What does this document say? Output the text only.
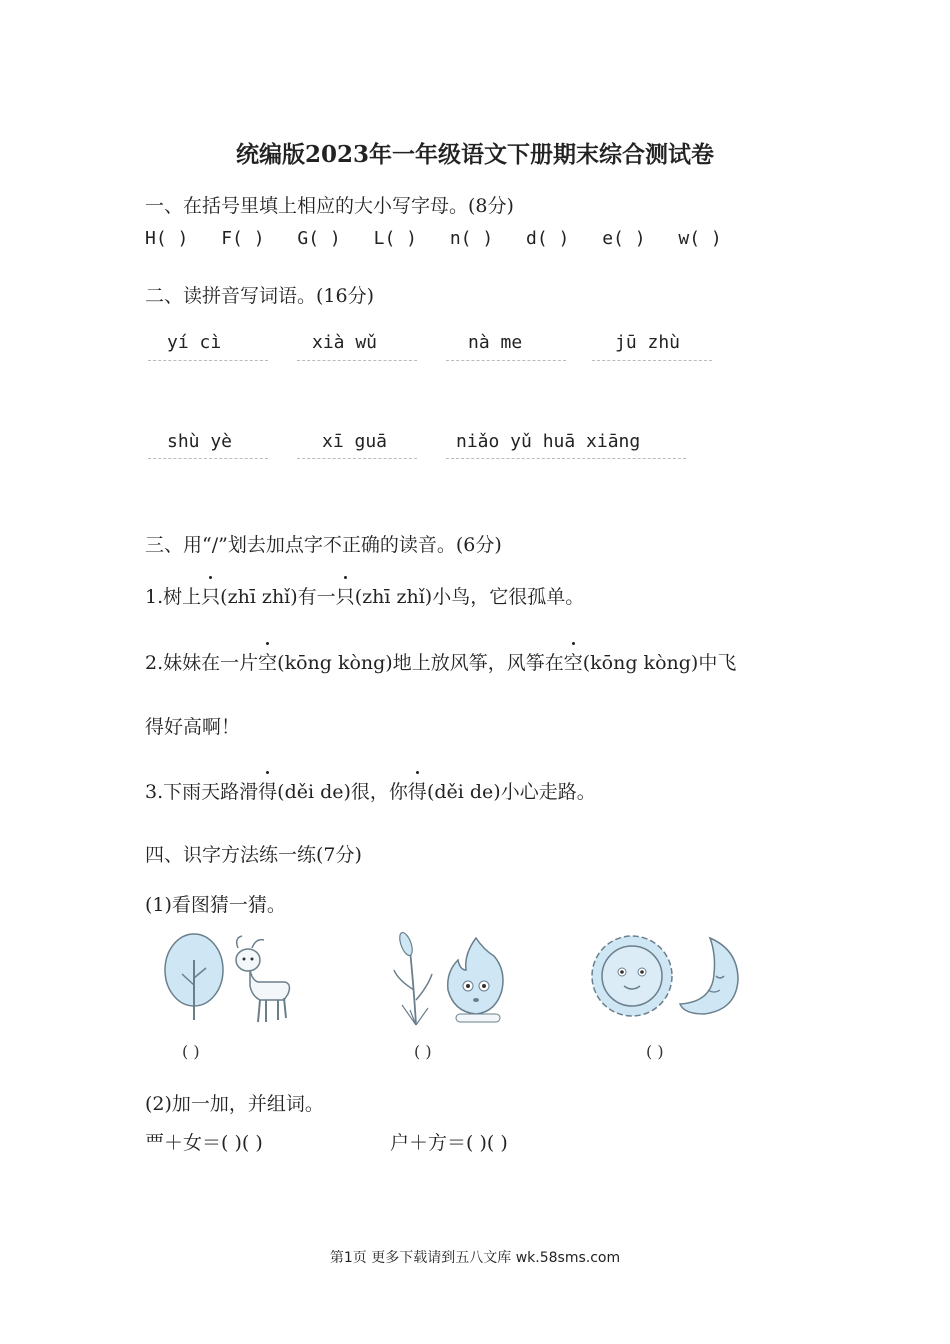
统编版2023年一年级语文下册期末综合测试卷
一、在括号里填上相应的大小写字母。(8分)
H( ) F( ) G( ) L( ) n( ) d( ) e( ) w( )
二、读拼音写词语。(16分)
yí cì	xià wǔ	nà me	jū zhù
shù yè	xī guā	niǎo yǔ huā xiāng
三、用“/”划去加点字不正确的读音。(6分)
1.树上只(zhī zhǐ)有一只(zhī zhǐ)小鸟，它很孤单。
2.妹妹在一片空(kōng kòng)地上放风筝，风筝在空(kōng kòng)中飞
得好高啊！
3.下雨天路滑得(děi de)很，你得(děi de)小心走路。
四、识字方法练一练(7分)
(1)看图猜一猜。
( )	( )	( )
(2)加一加，并组词。
覀＋女＝( )( )	户＋方＝( )( )
第1页 更多下载请到五八文库 wk.58sms.com
